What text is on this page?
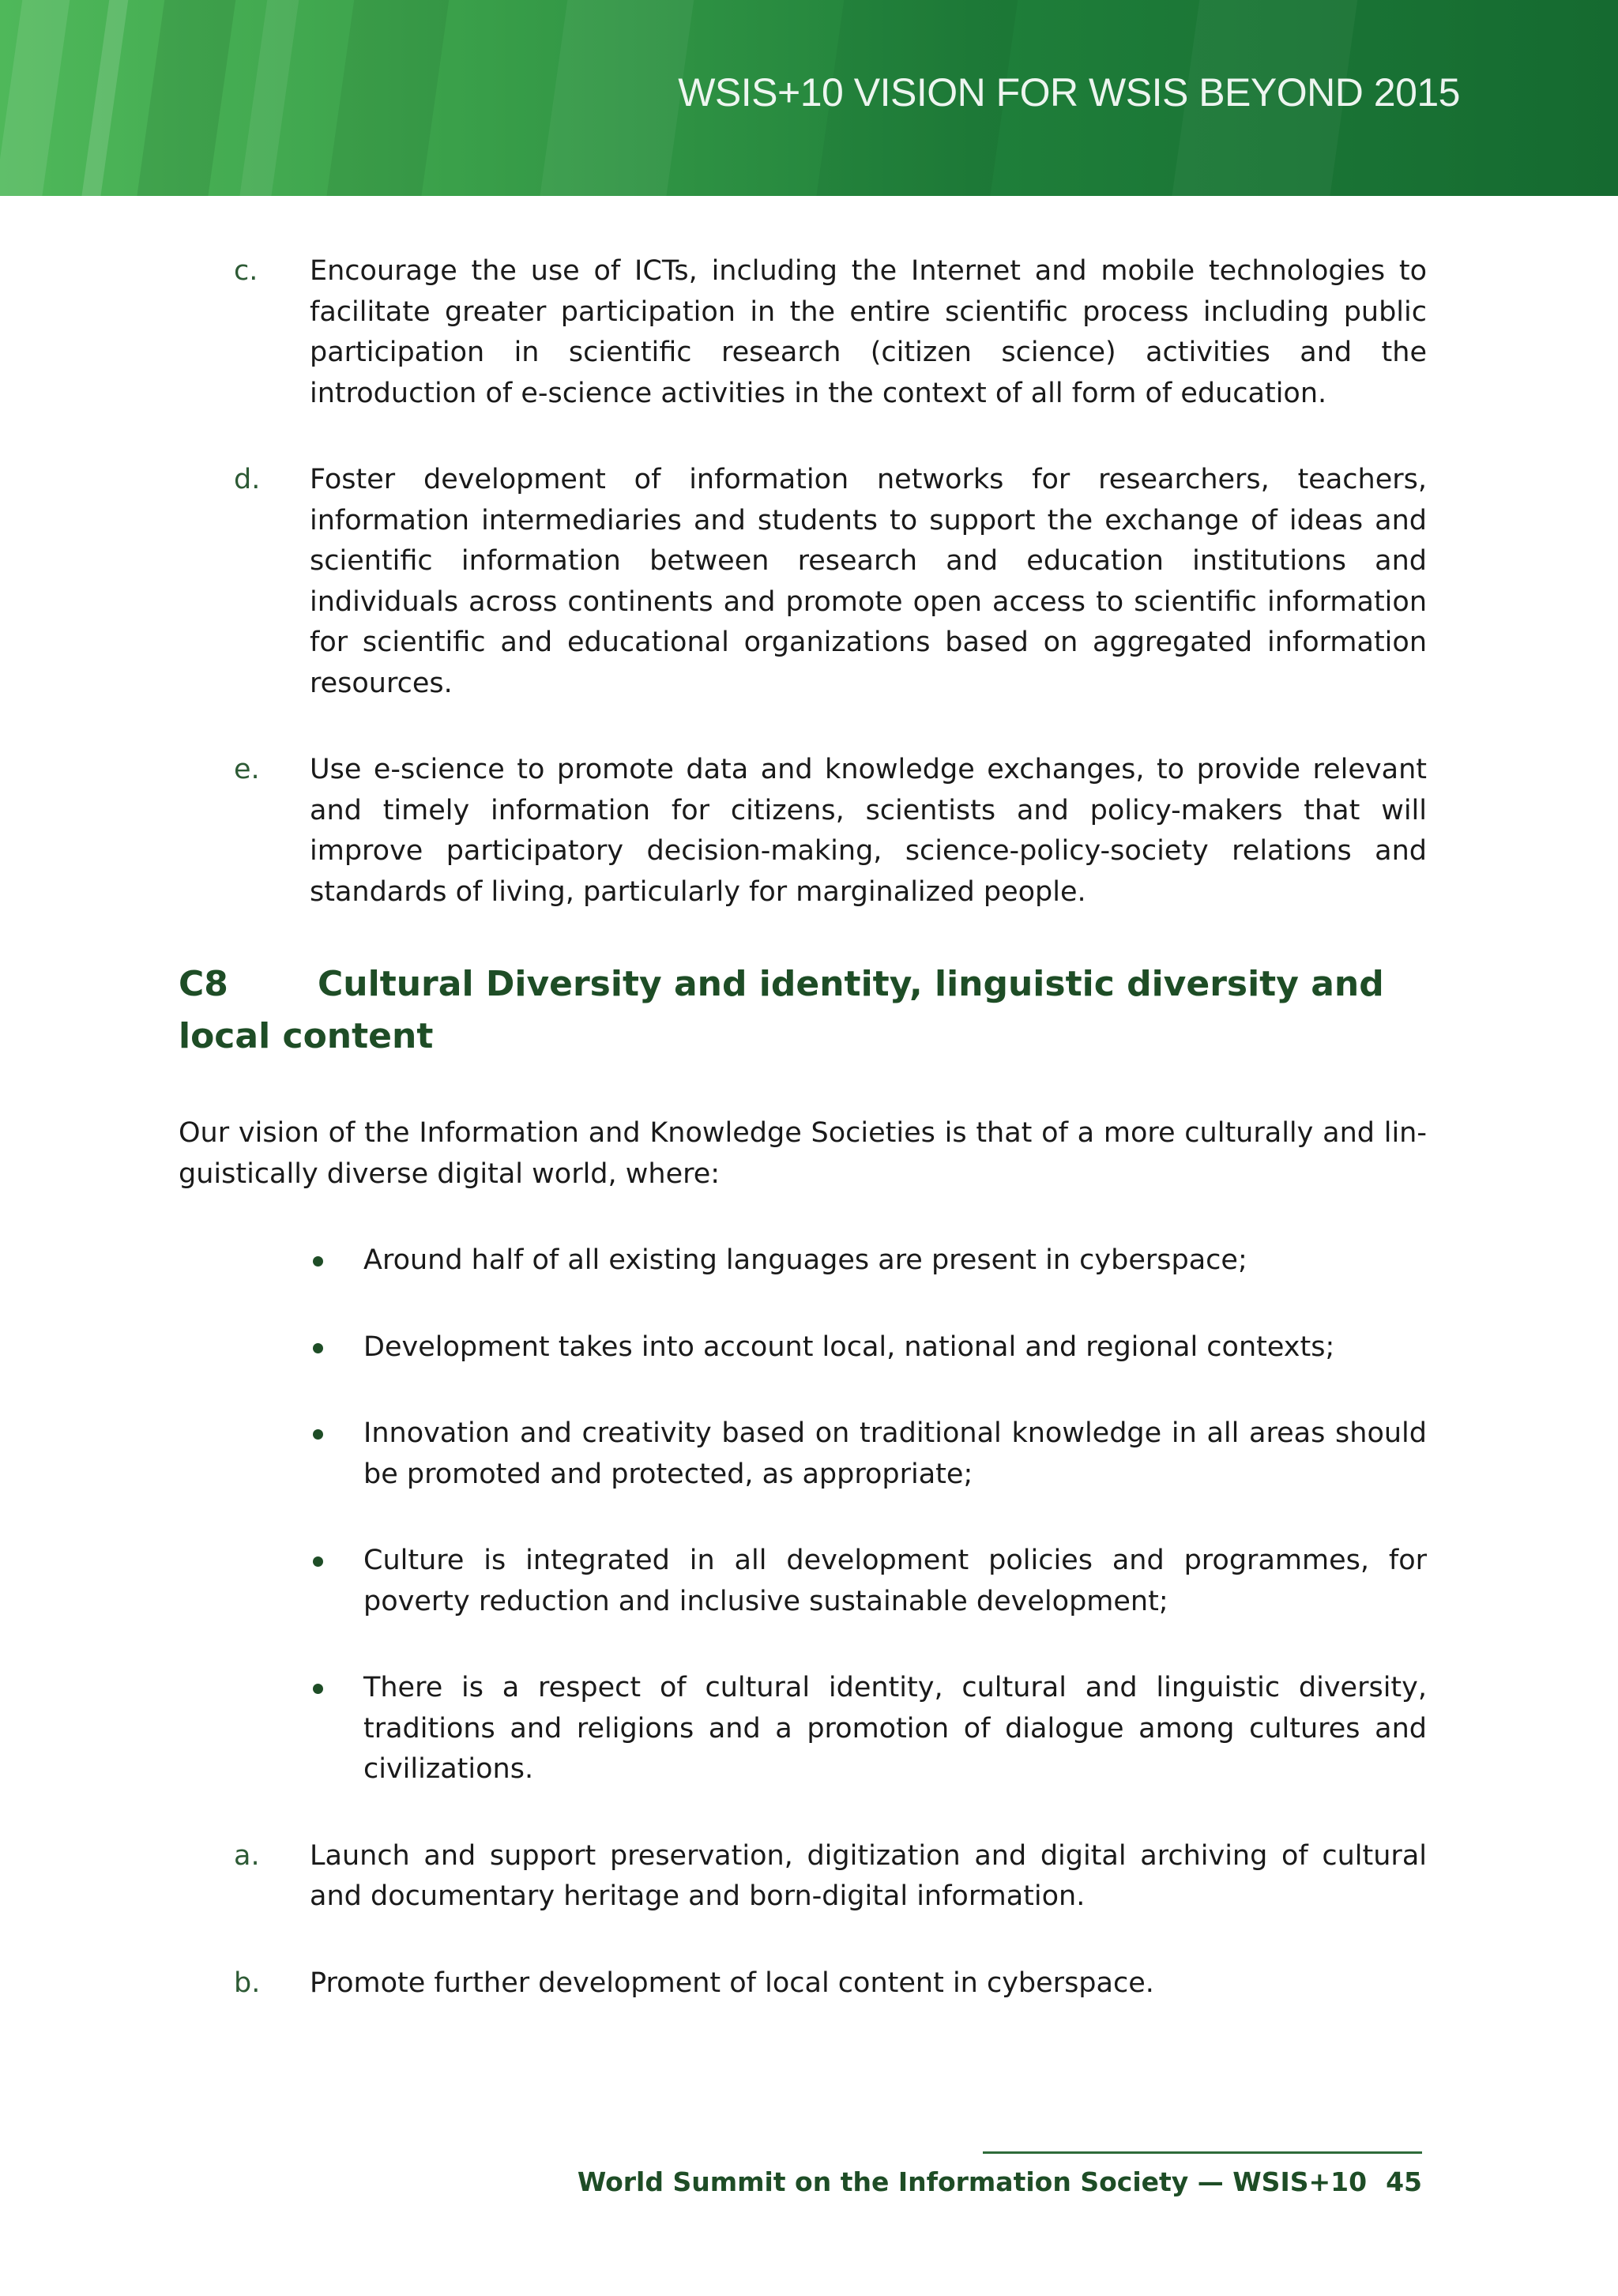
WSIS+10 VISION FOR WSIS BEYOND 2015
c.	Encourage the use of ICTs, including the Internet and mobile technologies to facilitate greater participation in the entire scientific process including public participation in scientific research (citizen science) activities and the introduction of e-science activities in the context of all form of education.
d.	Foster development of information networks for researchers, teachers, information intermediaries and students to support the exchange of ideas and scientific information between research and education institutions and individuals across continents and promote open access to scientific information for scientific and educational organizations based on aggregated information resources.
e.	Use e-science to promote data and knowledge exchanges, to provide relevant and timely information for citizens, scientists and policy-makers that will improve participatory decision-making, science-policy-society relations and standards of living, particularly for marginalized people.
C8	Cultural Diversity and identity, linguistic diversity and local content
Our vision of the Information and Knowledge Societies is that of a more culturally and lin-guistically diverse digital world, where:
Around half of all existing languages are present in cyberspace;
Development takes into account local, national and regional contexts;
Innovation and creativity based on traditional knowledge in all areas should be promoted and protected, as appropriate;
Culture is integrated in all development policies and programmes, for poverty reduction and inclusive sustainable development;
There is a respect of cultural identity, cultural and linguistic diversity, traditions and religions and a promotion of dialogue among cultures and civilizations.
a.	Launch and support preservation, digitization and digital archiving of cultural and documentary heritage and born-digital information.
b.	Promote further development of local content in cyberspace.
World Summit on the Information Society — WSIS+10 45
